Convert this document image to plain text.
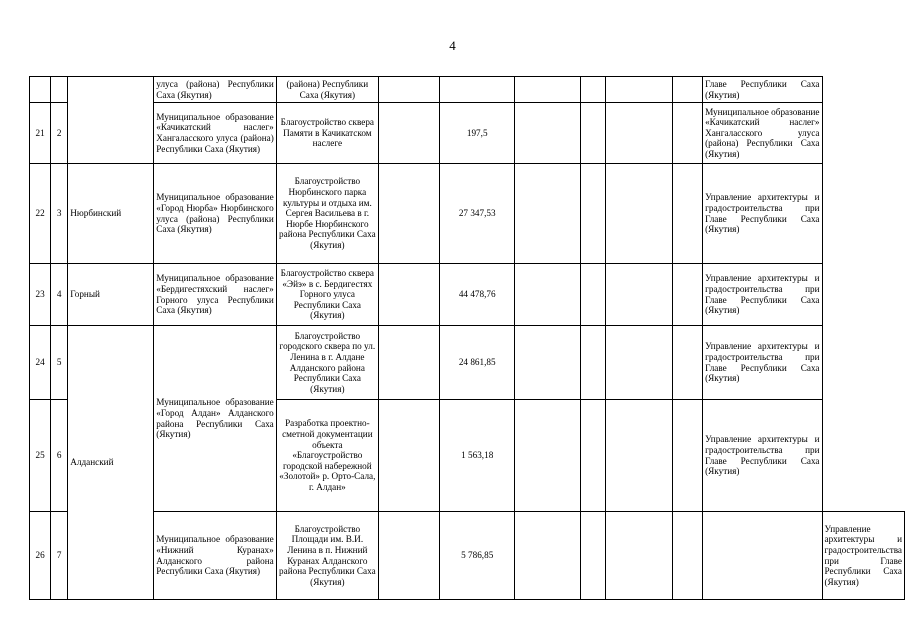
4
			улуса (района) Республики Саха (Якутия)	(района) Республики Саха (Якутия)							Главе Республики Саха (Якутия)	
21	2		Муниципальное образование «Качикатский наслег» Хангаласского улуса (района) Республики Саха (Якутия)	Благоустройство сквера Памяти в Качикатском наслеге		197,5					Муниципальное образование «Качикатский наслег» Хангаласского улуса (района) Республики Саха (Якутия)	
22	3	Нюрбинский	Муниципальное образование «Город Нюрба» Нюрбинского улуса (района) Республики Саха (Якутия)	Благоустройство Нюрбинского парка культуры и отдыха им. Сергея Васильева в г. Нюрбе Нюрбинского района Республики Саха (Якутия)		27 347,53					Управление архитектуры и градостроительства при Главе Республики Саха (Якутия)	
23	4	Горный	Муниципальное образование «Бердигестяхский наслег» Горного улуса Республики Саха (Якутия)	Благоустройство сквера «Эйэ» в с. Бердигестях Горного улуса Республики Саха (Якутия)		44 478,76					Управление архитектуры и градостроительства при Главе Республики Саха (Якутия)	
24	5	Алданский	Муниципальное образование «Город Алдан» Алданского района Республики Саха (Якутия)	Благоустройство городского сквера по ул. Ленина в г. Алдане Алданского района Республики Саха (Якутия)		24 861,85					Управление архитектуры и градостроительства при Главе Республики Саха (Якутия)	
25	6			Разработка проектно-сметной документации объекта «Благоустройство городской набережной «Золотой» р. Орто-Сала, г. Алдан»		1 563,18					Управление архитектуры и градостроительства при Главе Республики Саха (Якутия)	
26	7		Муниципальное образование «Нижний Куранах» Алданского района Республики Саха (Якутия)	Благоустройство Площади им. В.И. Ленина в п. Нижний Куранах Алданского района Республики Саха (Якутия)		5 786,85						Управление архитектуры и градостроительства при Главе Республики Саха (Якутия)
